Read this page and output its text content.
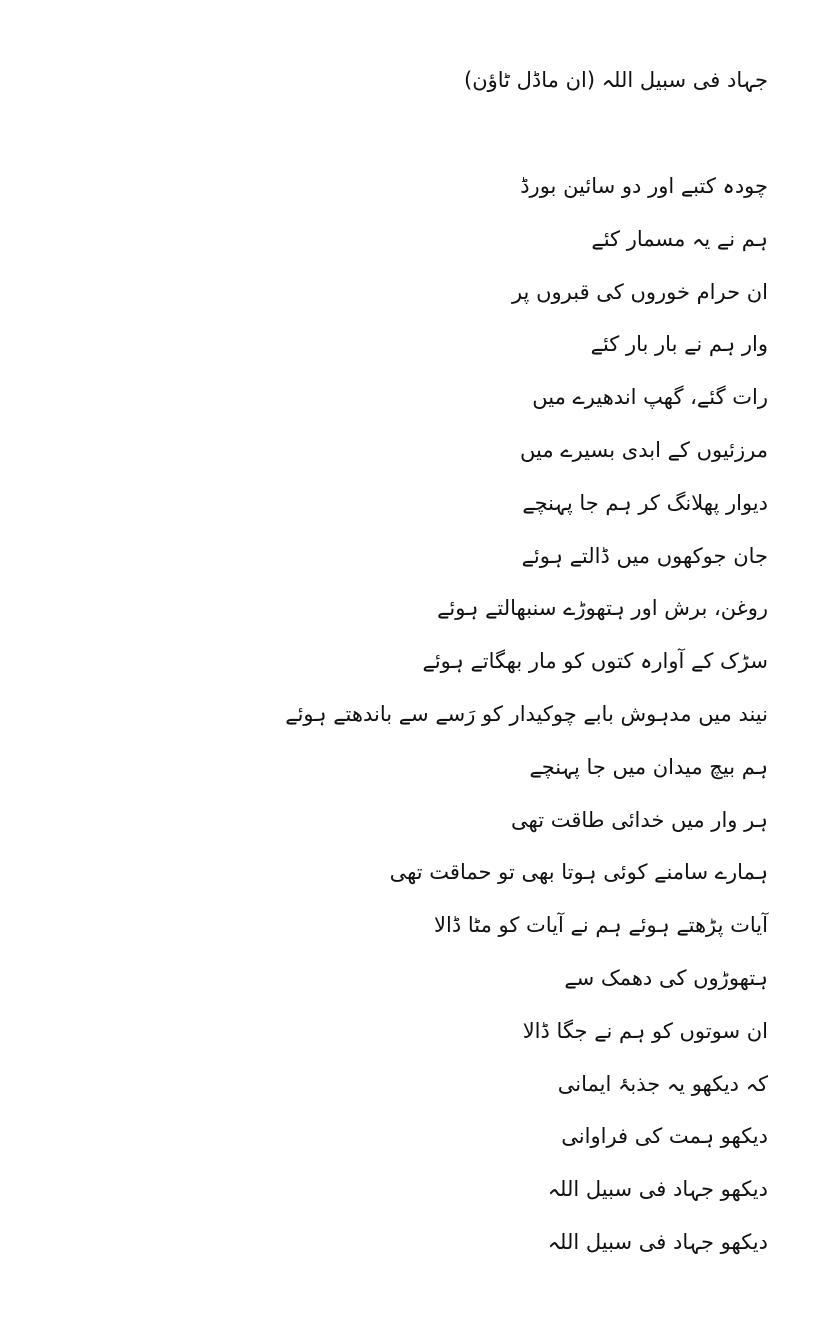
جہاد فی سبیل اللہ (ان ماڈل ٹاؤن)
چودہ کتبے اور دو سائین بورڈ
ہم نے یہ مسمار کئے
ان حرام خوروں کی قبروں پر
وار ہم نے بار بار کئے
رات گئے، گھپ اندھیرے میں
مرزئیوں کے ابدی بسیرے میں
دیوار پھلانگ کر ہم جا پہنچے
جان جوکھوں میں ڈالتے ہوئے
روغن، برش اور ہتھوڑے سنبھالتے ہوئے
سڑک کے آوارہ کتوں کو مار بھگاتے ہوئے
نیند میں مدہوش بابے چوکیدار کو رَسے سے باندھتے ہوئے
ہم بیچ میدان میں جا پہنچے
ہر وار میں خدائی طاقت تھی
ہمارے سامنے کوئی ہوتا بھی تو حماقت تھی
آیات پڑھتے ہوئے ہم نے آیات کو مٹا ڈالا
ہتھوڑوں کی دھمک سے
ان سوتوں کو ہم نے جگا ڈالا
کہ دیکھو یہ جذبۂ ایمانی
دیکھو ہمت کی فراوانی
دیکھو جہاد فی سبیل اللہ
دیکھو جہاد فی سبیل اللہ
